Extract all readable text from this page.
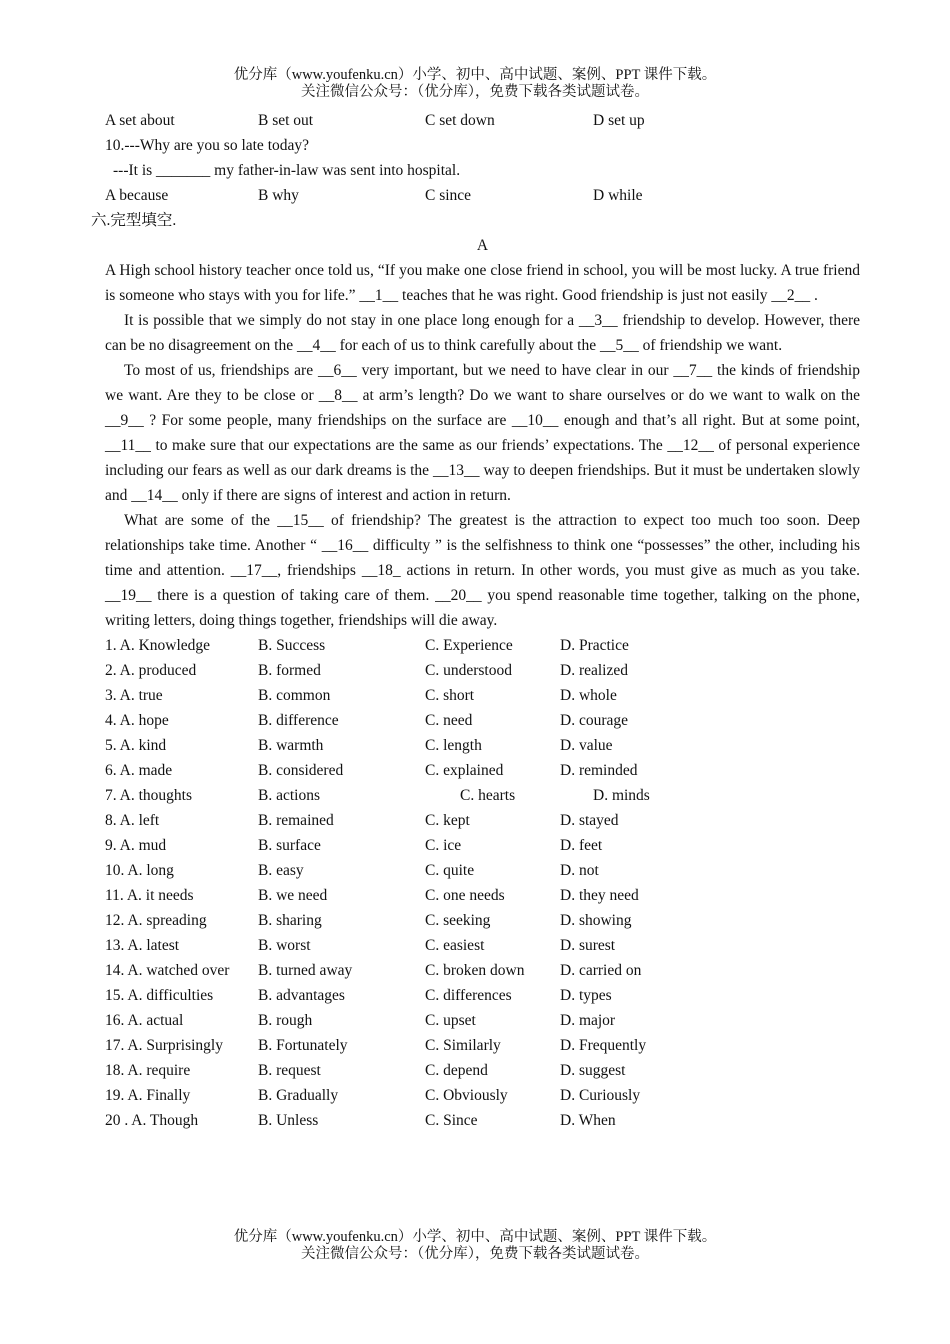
优分库（www.youfenku.cn）小学、初中、高中试题、案例、PPT 课件下载。
关注微信公众号：（优分库），免费下载各类试题试卷。
A set about	B set out	C set down	D set up
10.---Why are you so late today?
---It is _______ my father-in-law was sent into hospital.
A because	B why	C since	D while
六.完型填空.
A

A High school history teacher once told us, “If you make one close friend in school, you will be most lucky. A true friend is someone who stays with you for life.” __1__ teaches that he was right. Good friendship is just not easily __2__ .

It is possible that we simply do not stay in one place long enough for a __3__ friendship to develop. However, there can be no disagreement on the __4__ for each of us to think carefully about the __5__ of friendship we want.

To most of us, friendships are __6__ very important, but we need to have clear in our __7__ the kinds of friendship we want. Are they to be close or __8__ at arm’s length? Do we want to share ourselves or do we want to walk on the __9__ ? For some people, many friendships on the surface are __10__ enough and that’s all right. But at some point, __11__ to make sure that our expectations are the same as our friends’ expectations. The __12__ of personal experience including our fears as well as our dark dreams is the __13__ way to deepen friendships. But it must be undertaken slowly and __14__ only if there are signs of interest and action in return.

What are some of the __15__ of friendship? The greatest is the attraction to expect too much too soon. Deep relationships take time. Another “ __16__ difficulty ” is the selfishness to think one “possesses” the other, including his time and attention. __17__, friendships __18_ actions in return. In other words, you must give as much as you take. __19__ there is a question of taking care of them. __20__ you spend reasonable time together, talking on the phone, writing letters, doing things together, friendships will die away.

1. A. Knowledge	B. Success	C. Experience	D. Practice
2. A. produced	B. formed	C. understood	D. realized
3. A. true	B. common	C. short	D. whole
4. A. hope	B. difference	C. need	D. courage
5. A. kind	B. warmth	C. length	D. value
6. A. made	B. considered	C. explained	D. reminded
7. A. thoughts	B. actions	C. hearts	D. minds
8. A. left	B. remained	C. kept	D. stayed
9. A. mud	B. surface	C. ice	D. feet
10. A. long	B. easy	C. quite	D. not
11. A. it needs	B. we need	C. one needs	D. they need
12. A. spreading	B. sharing	C. seeking	D. showing
13. A. latest	B. worst	C. easiest	D. surest
14. A. watched over B. turned away	C. broken down D. carried on
15. A. difficulties	B. advantages	C. differences	D. types
16. A. actual	B. rough	C. upset	D. major
17. A. Surprisingly B. Fortunately	C. Similarly	D. Frequently
18. A. require	B. request	C. depend	D. suggest
19. A. Finally	B. Gradually	C. Obviously	D. Curiously
20 . A. Though	B. Unless	C. Since	D. When
优分库（www.youfenku.cn）小学、初中、高中试题、案例、PPT 课件下载。
关注微信公众号：（优分库），免费下载各类试题试卷。
